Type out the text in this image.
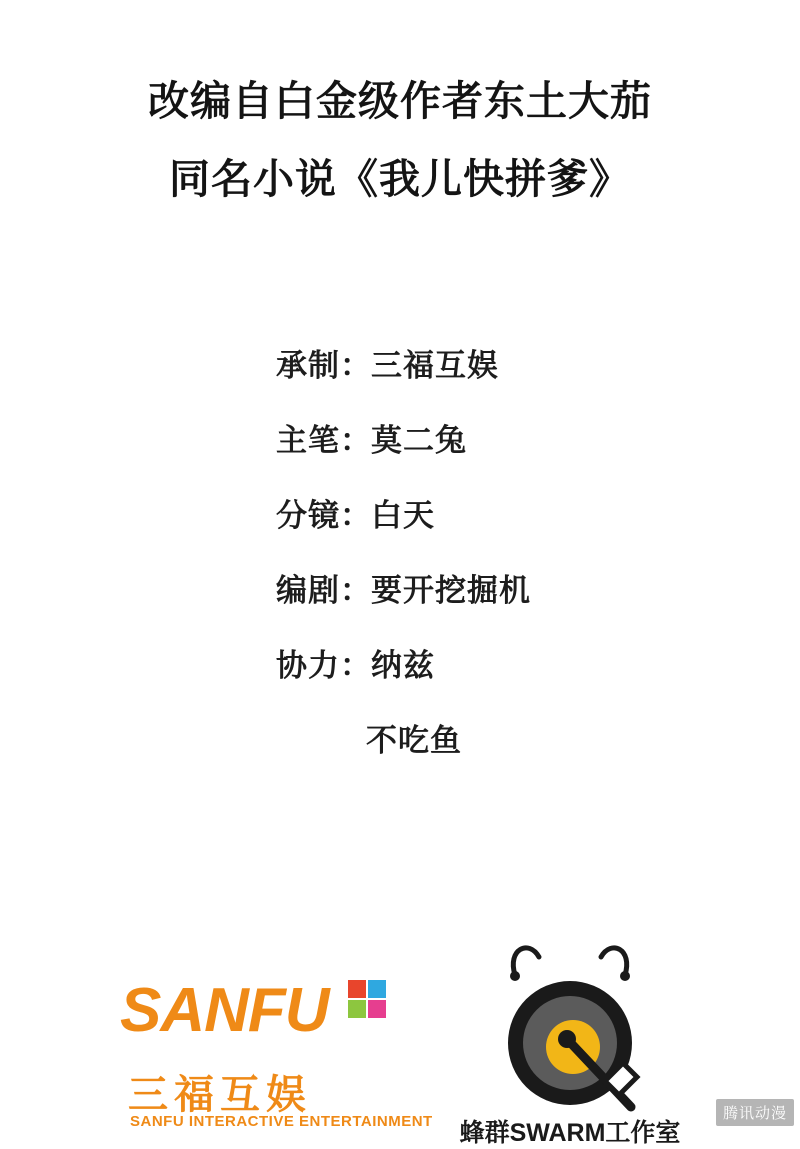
改编自白金级作者东土大茄
同名小说《我儿快拼爹》
承制 ： 三福互娱
主笔 ： 莫二兔
分镜 ： 白天
编剧 ： 要开挖掘机
协力 ： 纳兹
不吃鱼
SANFU
三福互娱
SANFU INTERACTIVE ENTERTAINMENT 蜂群SWARM工作室
腾讯动漫
